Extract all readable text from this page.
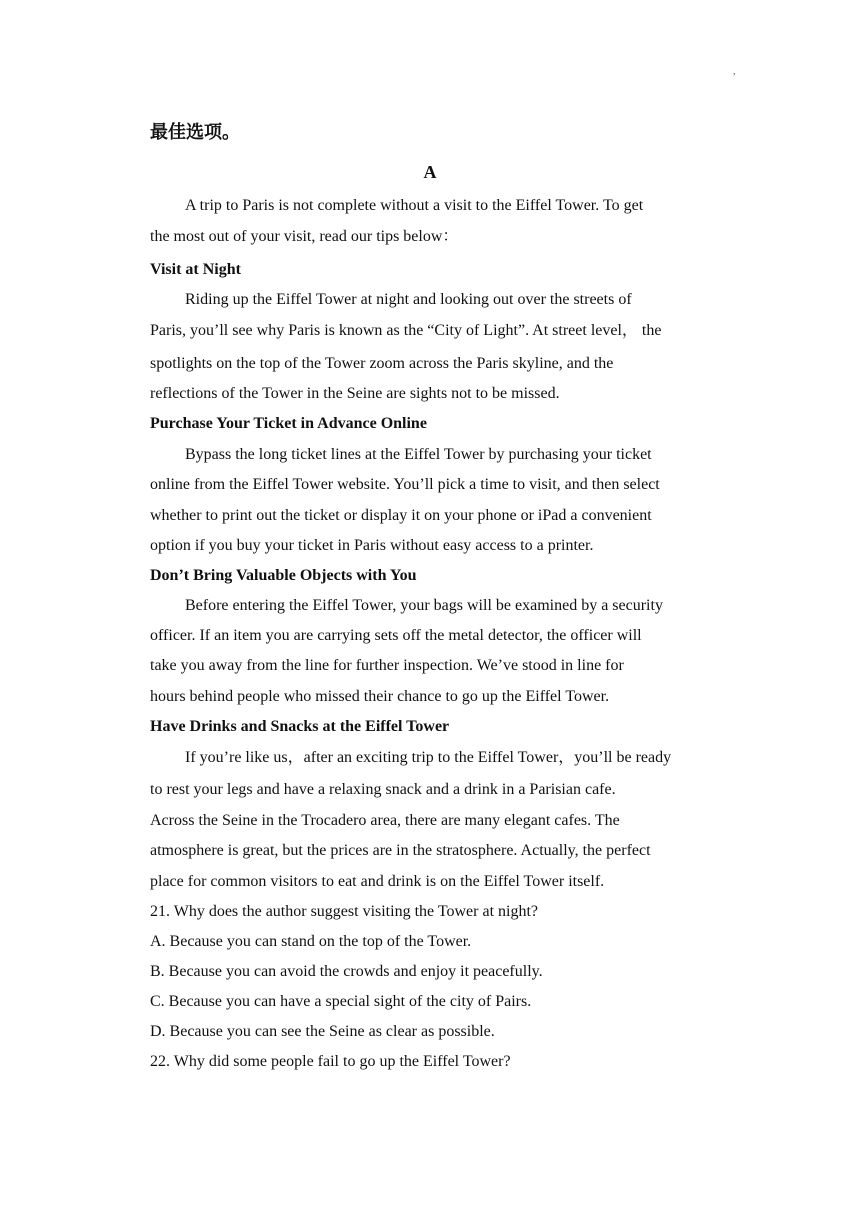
,
最佳选项。
A
A trip to Paris is not complete without a visit to the Eiffel Tower. To get
the most out of your visit, read our tips below：
Visit at Night
Riding up the Eiffel Tower at night and looking out over the streets of
Paris, you’ll see why Paris is known as the “City of Light”. At street level， the
spotlights on the top of the Tower zoom across the Paris skyline, and the
reflections of the Tower in the Seine are sights not to be missed.
Purchase Your Ticket in Advance Online
Bypass the long ticket lines at the Eiffel Tower by purchasing your ticket
online from the Eiffel Tower website. You’ll pick a time to visit, and then select
whether to print out the ticket or display it on your phone or iPad a convenient
option if you buy your ticket in Paris without easy access to a printer.
Don’t Bring Valuable Objects with You
Before entering the Eiffel Tower, your bags will be examined by a security
officer. If an item you are carrying sets off the metal detector, the officer will
take you away from the line for further inspection. We’ve stood in line for
hours behind people who missed their chance to go up the Eiffel Tower.
Have Drinks and Snacks at the Eiffel Tower
If you’re like us，after an exciting trip to the Eiffel Tower，you’ll be ready
to rest your legs and have a relaxing snack and a drink in a Parisian cafe.
Across the Seine in the Trocadero area, there are many elegant cafes. The
atmosphere is great, but the prices are in the stratosphere. Actually, the perfect
place for common visitors to eat and drink is on the Eiffel Tower itself.
21. Why does the author suggest visiting the Tower at night?
A. Because you can stand on the top of the Tower.
B. Because you can avoid the crowds and enjoy it peacefully.
C. Because you can have a special sight of the city of Pairs.
D. Because you can see the Seine as clear as possible.
22. Why did some people fail to go up the Eiffel Tower?
